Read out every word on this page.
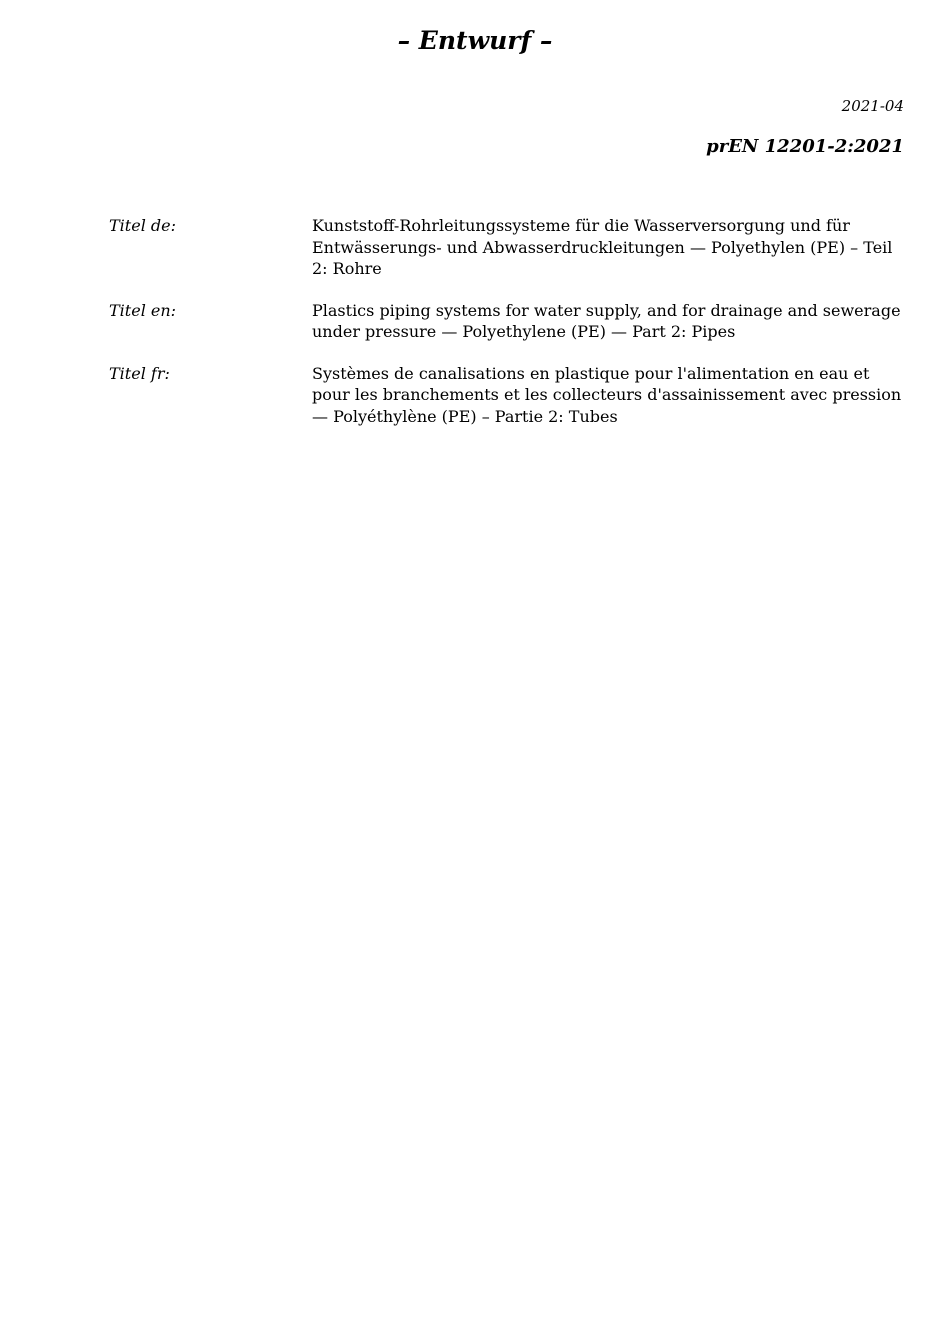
– Entwurf –
2021-04
prEN 12201-2:2021
Titel de:	Kunststoff-Rohrleitungssysteme für die Wasserversorgung und für Entwässerungs- und Abwasserdruckleitungen — Polyethylen (PE) – Teil 2: Rohre
Titel en:	Plastics piping systems for water supply, and for drainage and sewerage under pressure — Polyethylene (PE) — Part 2: Pipes
Titel fr:	Systèmes de canalisations en plastique pour l'alimentation en eau et pour les branchements et les collecteurs d'assainissement avec pression — Polyéthylène (PE) – Partie 2: Tubes
